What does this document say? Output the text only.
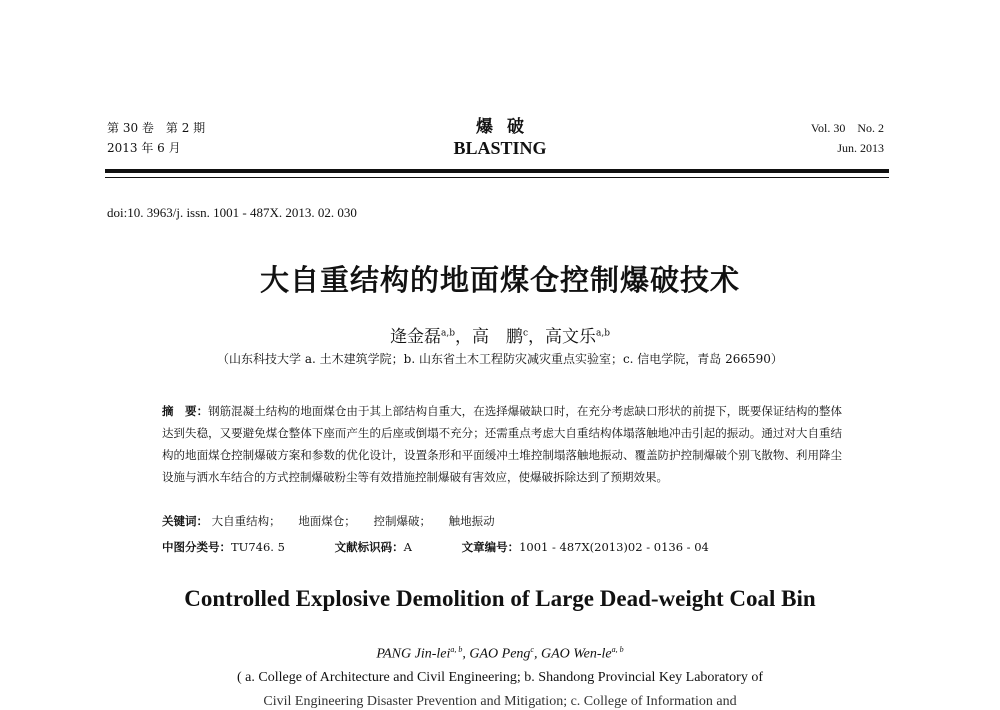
第 30 卷　第 2 期
2013 年 6 月
爆破
BLASTING
Vol. 30　No. 2
Jun. 2013
doi:10. 3963/j. issn. 1001 - 487X. 2013. 02. 030
大自重结构的地面煤仓控制爆破技术
逄金磊$^{a,b}$，高　鹏$^c$，高文乐$^{a,b}$
（山东科技大学 a. 土木建筑学院；b. 山东省土木工程防灾减灾重点实验室；c. 信电学院，青岛 266590）
摘　要：钢筋混凝土结构的地面煤仓由于其上部结构自重大，在选择爆破缺口时，在充分考虑缺口形状的前提下，既要保证结构的整体达到失稳，又要避免煤仓整体下座而产生的后座或倒塌不充分；还需重点考虑大自重结构体塌落触地冲击引起的振动。通过对大自重结构的地面煤仓控制爆破方案和参数的优化设计，设置条形和平面缓冲土堆控制塌落触地振动、覆盖防护控制爆破个别飞散物、利用降尘设施与洒水车结合的方式控制爆破粉尘等有效措施控制爆破有害效应，使爆破拆除达到了预期效果。
关键词： 大自重结构； 地面煤仓； 控制爆破； 触地振动
中图分类号：TU746. 5	文献标识码：A	文章编号：1001 - 487X(2013)02 - 0136 - 04
Controlled Explosive Demolition of Large Dead-weight Coal Bin
PANG Jin-lei$^{a, b}$, GAO Peng$^c$, GAO Wen-le$^{a, b}$
( a. College of Architecture and Civil Engineering; b. Shandong Provincial Key Laboratory of
Civil Engineering Disaster Prevention and Mitigation; c. College of Information and
